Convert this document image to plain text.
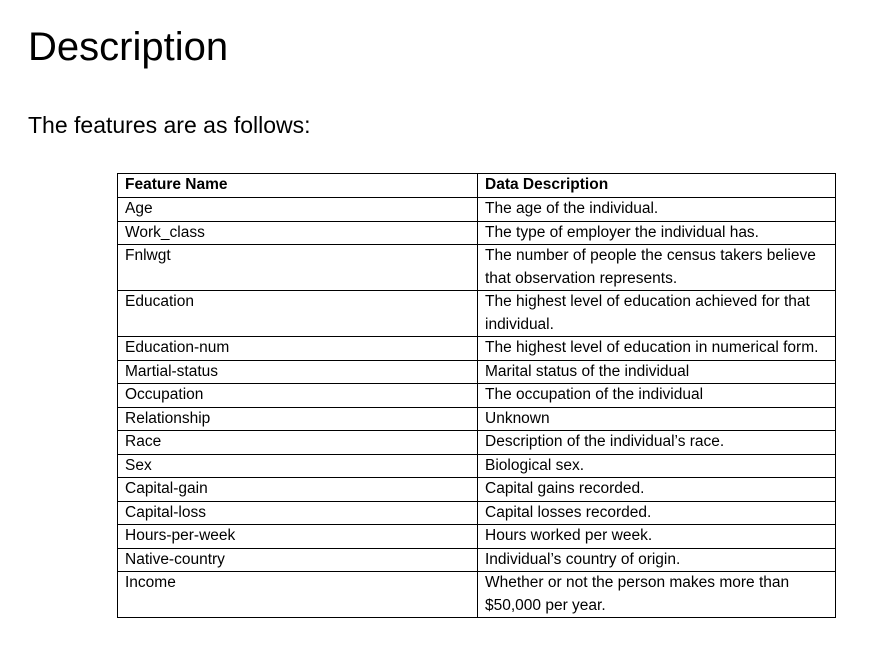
Description

The features are as follows:

Feature Name	Data Description
Age	The age of the individual.
Work_class	The type of employer the individual has.
Fnlwgt	The number of people the census takers believe that observation represents.
Education	The highest level of education achieved for that individual.
Education-num	The highest level of education in numerical form.
Martial-status	Marital status of the individual
Occupation	The occupation of the individual
Relationship	Unknown
Race	Description of the individual’s race.
Sex	Biological sex.
Capital-gain	Capital gains recorded.
Capital-loss	Capital losses recorded.
Hours-per-week	Hours worked per week.
Native-country	Individual’s country of origin.
Income	Whether or not the person makes more than $50,000 per year.
